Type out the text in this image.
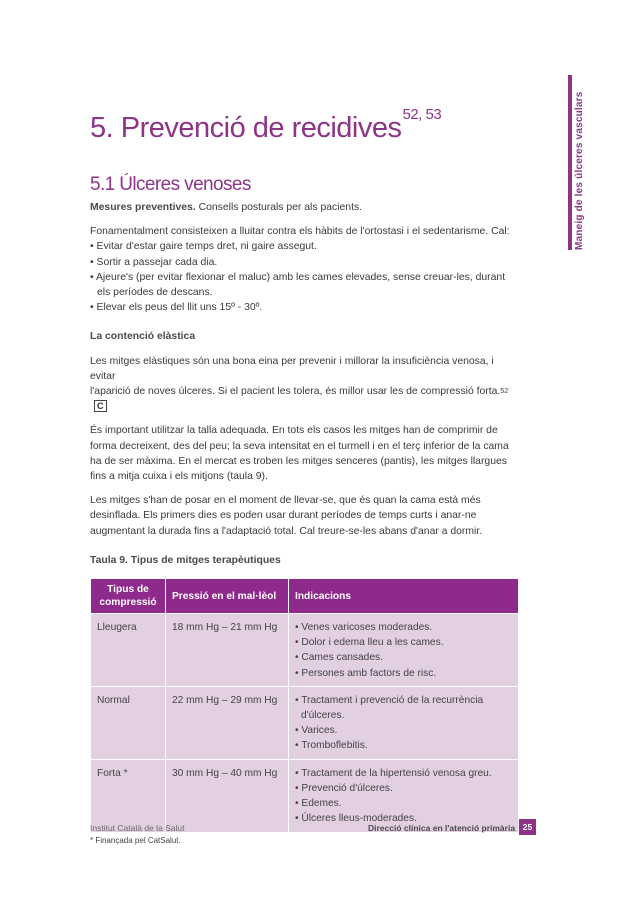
Maneig de les úlceres vasculars
5. Prevenció de recidives$^{52, 53}$
5.1 Úlceres venoses

Mesures preventives. Consells posturals per als pacients.

Fonamentalment consisteixen a lluitar contra els hàbits de l'ortostasi i el sedentarisme. Cal:

• Evitar d'estar gaire temps dret, ni gaire assegut.

• Sortir a passejar cada dia.

• Ajeure's (per evitar flexionar el maluc) amb les cames elevades, sense creuar-les, durant

els períodes de descans.

• Elevar els peus del llit uns 15º - 30º.

La contenció elàstica

Les mitges elàstiques són una bona eina per prevenir i millorar la insuficiència venosa, i evitar
l'aparició de noves úlceres. Si el pacient les tolera, és millor usar les de compressió forta.$^{52}$C

És important utilitzar la talla adequada. En tots els casos les mitges han de comprimir de forma decreixent, des del peu; la seva intensitat en el turmell i en el terç inferior de la cama ha de ser màxima. En el mercat es troben les mitges senceres (pantis), les mitges llargues fins a mitja cuixa i els mitjons (taula 9).

Les mitges s'han de posar en el moment de llevar-se, que és quan la cama està més desinflada. Els primers dies es poden usar durant períodes de temps curts i anar-ne augmentant la durada fins a l'adaptació total. Cal treure-se-les abans d'anar a dormir.

Taula 9. Tipus de mitges terapèutiques

Tipus de compressió	Pressió en el mal·lèol	Indicacions
Lleugera	18 mm Hg – 21 mm Hg	• Venes varicoses moderades.
• Dolor i edema lleu a les cames.
• Cames cansades.
• Persones amb factors de risc.

Normal	22 mm Hg – 29 mm Hg	• Tractament i prevenció de la recurrència
d'úlceres.
• Varices.
• Tromboflebitis.

Forta *	30 mm Hg – 40 mm Hg	• Tractament de la hipertensió venosa greu.
• Prevenció d'úlceres.
• Edemes.
• Úlceres lleus-moderades.

* Finançada pel CatSalut.

Institut Català de la Salut	Direcció clínica en l'atenció primària 25
